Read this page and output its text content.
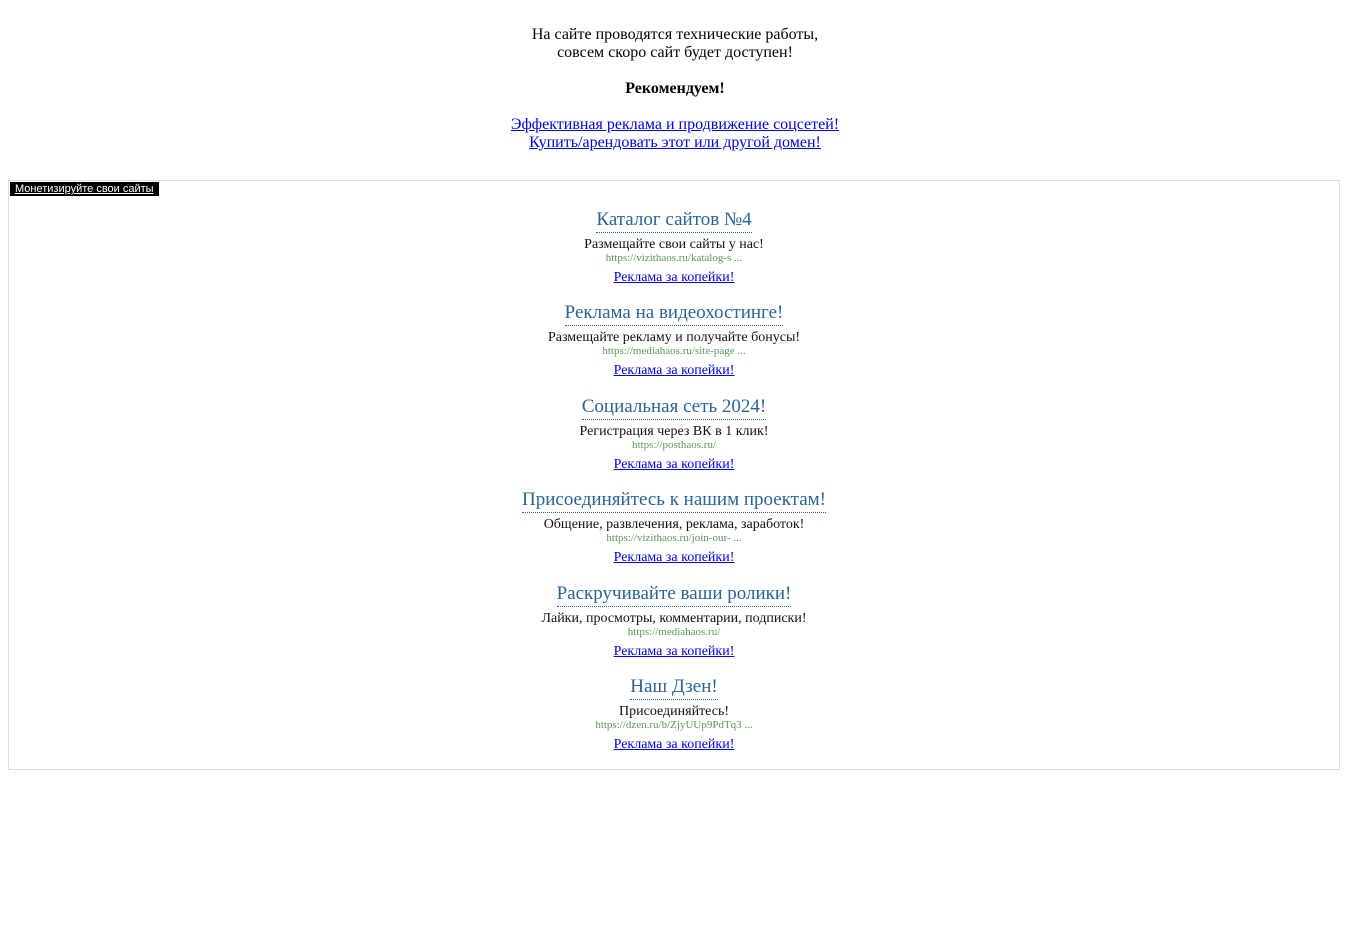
На сайте проводятся технические работы,

совсем скоро сайт будет доступен!

Рекомендуем!

Эффективная реклама и продвижение соцсетей!
Купить/арендовать этот или другой домен!
Монетизируйте свои сайты
Каталог сайтов №4
Размещайте свои сайты у нас!
https://vizithaos.ru/katalog-s ...
Реклама за копейки!
Реклама на видеохостинге!
Размещайте рекламу и получайте бонусы!
https://mediahaos.ru/site-page ...
Реклама за копейки!
Социальная сеть 2024!
Регистрация через ВК в 1 клик!
https://posthaos.ru/
Реклама за копейки!
Присоединяйтесь к нашим проектам!
Общение, развлечения, реклама, заработок!
https://vizithaos.ru/join-our- ...
Реклама за копейки!
Раскручивайте ваши ролики!
Лайки, просмотры, комментарии, подписки!
https://mediahaos.ru/
Реклама за копейки!
Наш Дзен!
Присоединяйтесь!
https://dzen.ru/b/ZjyUUp9PdTq3 ...
Реклама за копейки!
